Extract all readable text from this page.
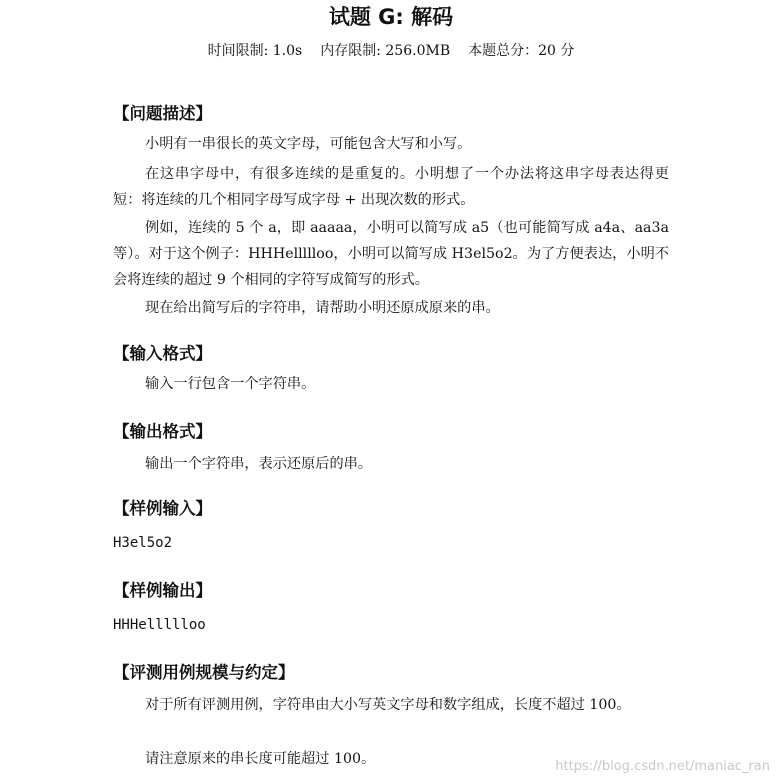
试题 G: 解码
时间限制: 1.0s 内存限制: 256.0MB 本题总分：20 分
【问题描述】
小明有一串很长的英文字母，可能包含大写和小写。
在这串字母中，有很多连续的是重复的。小明想了一个办法将这串字母表达得更短：将连续的几个相同字母写成字母 + 出现次数的形式。
例如，连续的 5 个 a，即 aaaaa，小明可以简写成 a5（也可能简写成 a4a、aa3a 等）。对于这个例子：HHHellllloo，小明可以简写成 H3el5o2。为了方便表达，小明不会将连续的超过 9 个相同的字符写成简写的形式。
现在给出简写后的字符串，请帮助小明还原成原来的串。
【输入格式】
输入一行包含一个字符串。
【输出格式】
输出一个字符串，表示还原后的串。
【样例输入】
H3el5o2
【样例输出】
HHHellllloo
【评测用例规模与约定】
对于所有评测用例，字符串由大小写英文字母和数字组成，长度不超过 100。
请注意原来的串长度可能超过 100。	https://blog.csdn.net/maniac_ran
